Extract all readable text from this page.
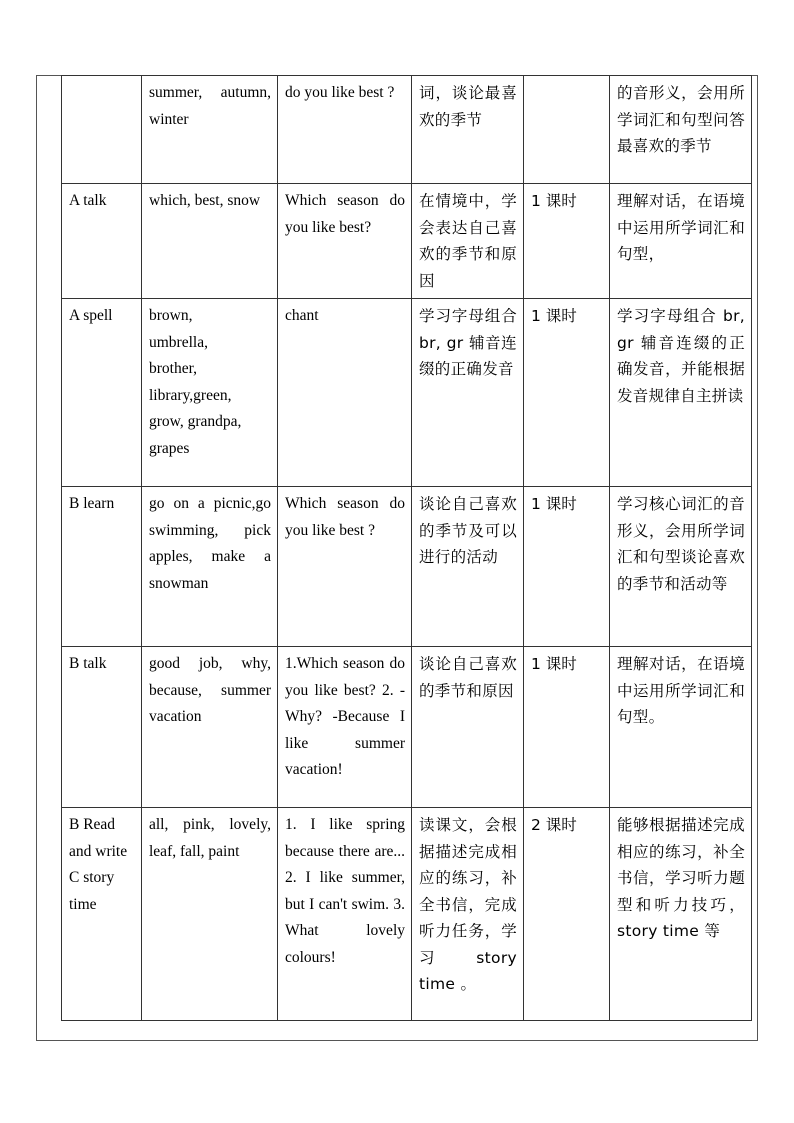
	summer, autumn, winter	do you like best ?	词，谈论最喜欢的季节		的音形义，会用所学词汇和句型问答最喜欢的季节
A talk	which, best, snow	Which season do you like best?	在情境中，学会表达自己喜欢的季节和原因	1 课时	理解对话，在语境中运用所学词汇和句型，
A spell	brown, umbrella, brother, library,green, grow, grandpa, grapes	chant	学习字母组合 br, gr 辅音连缀的正确发音	1 课时	学习字母组合 br, gr 辅音连缀的正确发音，并能根据发音规律自主拼读
B learn	go on a picnic,go swimming, pick apples, make a snowman	Which season do you like best ?	谈论自己喜欢的季节及可以进行的活动	1 课时	学习核心词汇的音形义，会用所学词汇和句型谈论喜欢的季节和活动等
B talk	good job, why, because, summer vacation	1.Which season do you like best? 2. -Why? -Because I like summer vacation!	谈论自己喜欢的季节和原因	1 课时	理解对话，在语境中运用所学词汇和句型。
B Read and write C story time	all, pink, lovely, leaf, fall, paint	1. I like spring because there are... 2. I like summer, but I can't swim. 3. What lovely colours!	读课文，会根据描述完成相应的练习，补全书信，完成听力任务，学习 story time 。	2 课时	能够根据描述完成相应的练习，补全书信，学习听力题型和听力技巧，story time 等
